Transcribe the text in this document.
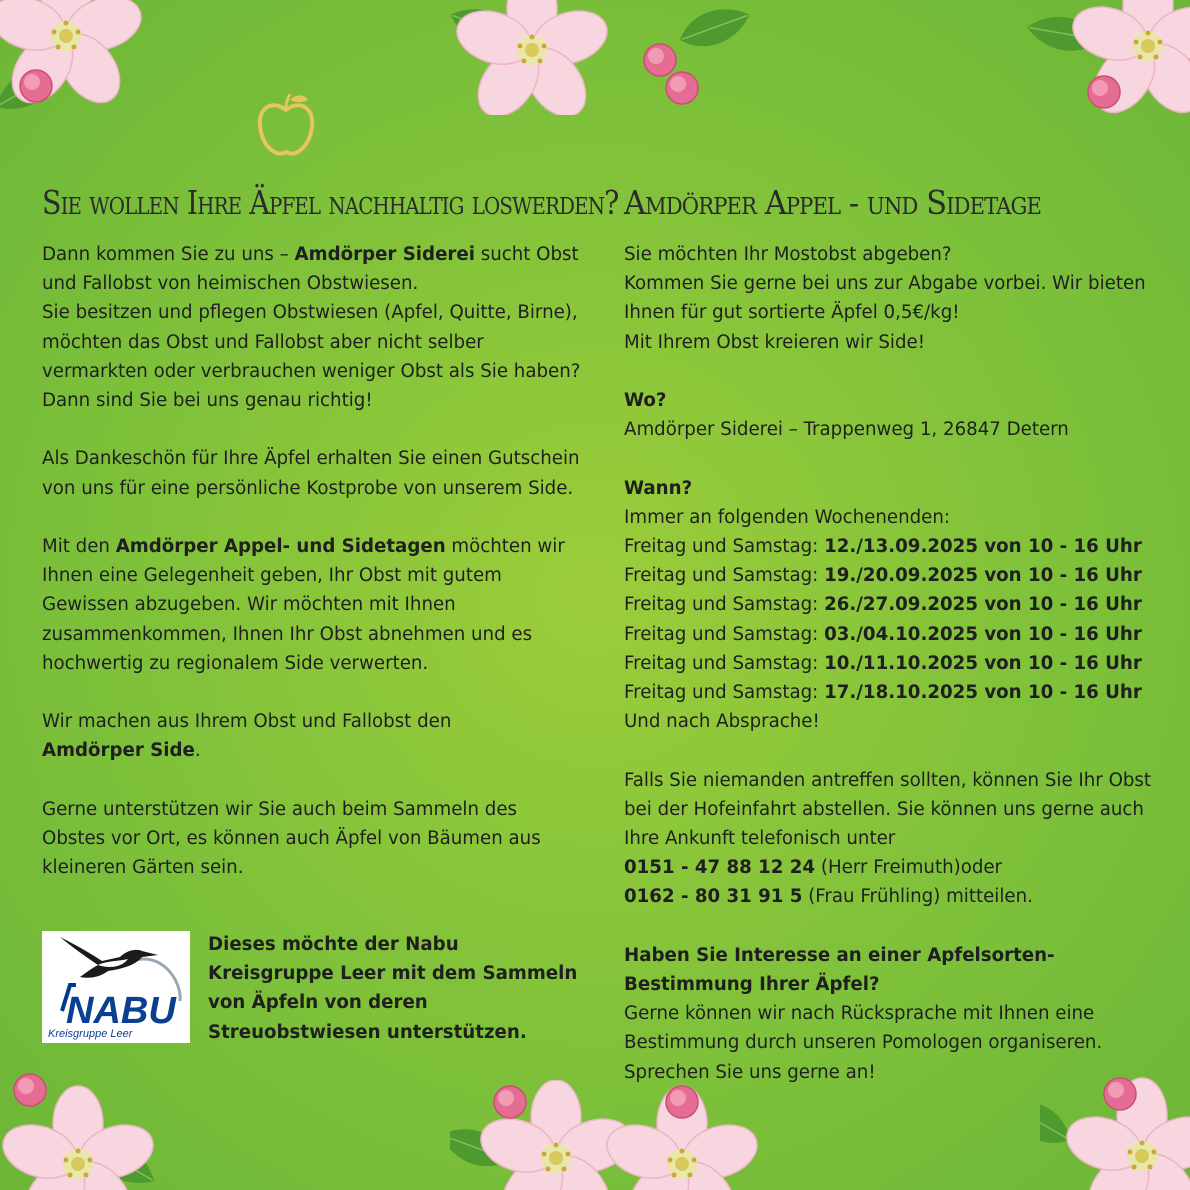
Sie wollen Ihre Äpfel nachhaltig loswerden?

Dann kommen Sie zu uns – Amdörper Siderei sucht Obst und Fallobst von heimischen Obstwiesen.

Sie besitzen und pflegen Obstwiesen (Apfel, Quitte, Birne), möchten das Obst und Fallobst aber nicht selber vermarkten oder verbrauchen weniger Obst als Sie haben? Dann sind Sie bei uns genau richtig!

Als Dankeschön für Ihre Äpfel erhalten Sie einen Gutschein von uns für eine persönliche Kostprobe von unserem Side.

Mit den Amdörper Appel- und Sidetagen möchten wir Ihnen eine Gelegenheit geben, Ihr Obst mit gutem Gewissen abzugeben. Wir möchten mit Ihnen zusammenkommen, Ihnen Ihr Obst abnehmen und es hochwertig zu regionalem Side verwerten.

Wir machen aus Ihrem Obst und Fallobst den
Amdörper Side.

Gerne unterstützen wir Sie auch beim Sammeln des Obstes vor Ort, es können auch Äpfel von Bäumen aus kleineren Gärten sein.

NABU
Kreisgruppe Leer
Dieses möchte der Nabu Kreisgruppe Leer mit dem Sammeln von Äpfeln von deren Streuobstwiesen unterstützen.
Amdörper Appel - und Sidetage

Sie möchten Ihr Mostobst abgeben?

Kommen Sie gerne bei uns zur Abgabe vorbei. Wir bieten Ihnen für gut sortierte Äpfel 0,5€/kg!

Mit Ihrem Obst kreieren wir Side!

Wo?

Amdörper Siderei – Trappenweg 1, 26847 Detern

Wann?

Immer an folgenden Wochenenden:

Freitag und Samstag: 12./13.09.2025 von 10 - 16 Uhr

Freitag und Samstag: 19./20.09.2025 von 10 - 16 Uhr

Freitag und Samstag: 26./27.09.2025 von 10 - 16 Uhr

Freitag und Samstag: 03./04.10.2025 von 10 - 16 Uhr

Freitag und Samstag: 10./11.10.2025 von 10 - 16 Uhr

Freitag und Samstag: 17./18.10.2025 von 10 - 16 Uhr

Und nach Absprache!

Falls Sie niemanden antreffen sollten, können Sie Ihr Obst bei der Hofeinfahrt abstellen. Sie können uns gerne auch Ihre Ankunft telefonisch unter

0151 - 47 88 12 24 (Herr Freimuth)oder

0162 - 80 31 91 5 (Frau Frühling) mitteilen.

Haben Sie Interesse an einer Apfelsorten-Bestimmung Ihrer Äpfel?

Gerne können wir nach Rücksprache mit Ihnen eine Bestimmung durch unseren Pomologen organiseren. Sprechen Sie uns gerne an!
